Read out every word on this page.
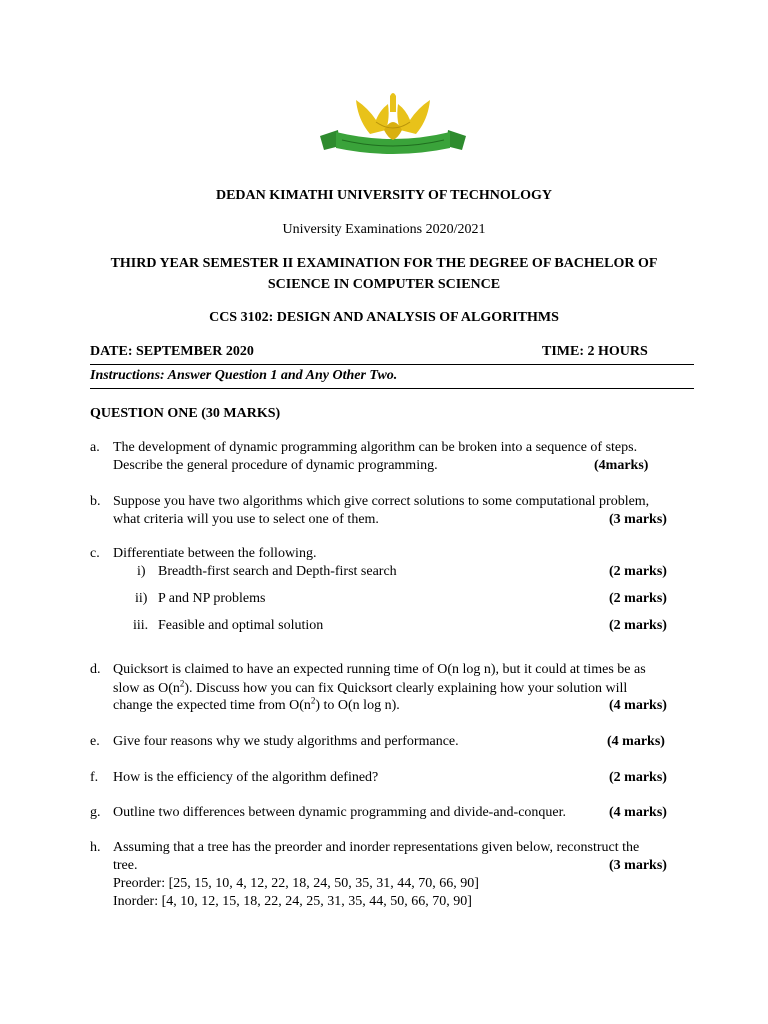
DEDAN KIMATHI UNIVERSITY OF TECHNOLOGY
University Examinations 2020/2021
THIRD YEAR SEMESTER II EXAMINATION FOR THE DEGREE OF BACHELOR OF
SCIENCE IN COMPUTER SCIENCE
CCS 3102: DESIGN AND ANALYSIS OF ALGORITHMS
DATE: SEPTEMBER 2020	TIME: 2 HOURS
Instructions: Answer Question 1 and Any Other Two.
QUESTION ONE (30 MARKS)
a. The development of dynamic programming algorithm can be broken into a sequence of steps.
Describe the general procedure of dynamic programming.	(4marks)
b. Suppose you have two algorithms which give correct solutions to some computational problem,
what criteria will you use to select one of them.	(3 marks)
c. Differentiate between the following.
i) Breadth-first search and Depth-first search	(2 marks)
ii) P and NP problems	(2 marks)
iii. Feasible and optimal solution	(2 marks)
d. Quicksort is claimed to have an expected running time of O(n log n), but it could at times be as
slow as $O(n^2)$. Discuss how you can fix Quicksort clearly explaining how your solution will
change the expected time from $O(n^2)$ to O(n log n).	(4 marks)
e. Give four reasons why we study algorithms and performance.	(4 marks)
f. How is the efficiency of the algorithm defined?	(2 marks)
g. Outline two differences between dynamic programming and divide-and-conquer.	(4 marks)
h. Assuming that a tree has the preorder and inorder representations given below, reconstruct the
tree.	(3 marks)
Preorder: [25, 15, 10, 4, 12, 22, 18, 24, 50, 35, 31, 44, 70, 66, 90]
Inorder: [4, 10, 12, 15, 18, 22, 24, 25, 31, 35, 44, 50, 66, 70, 90]
